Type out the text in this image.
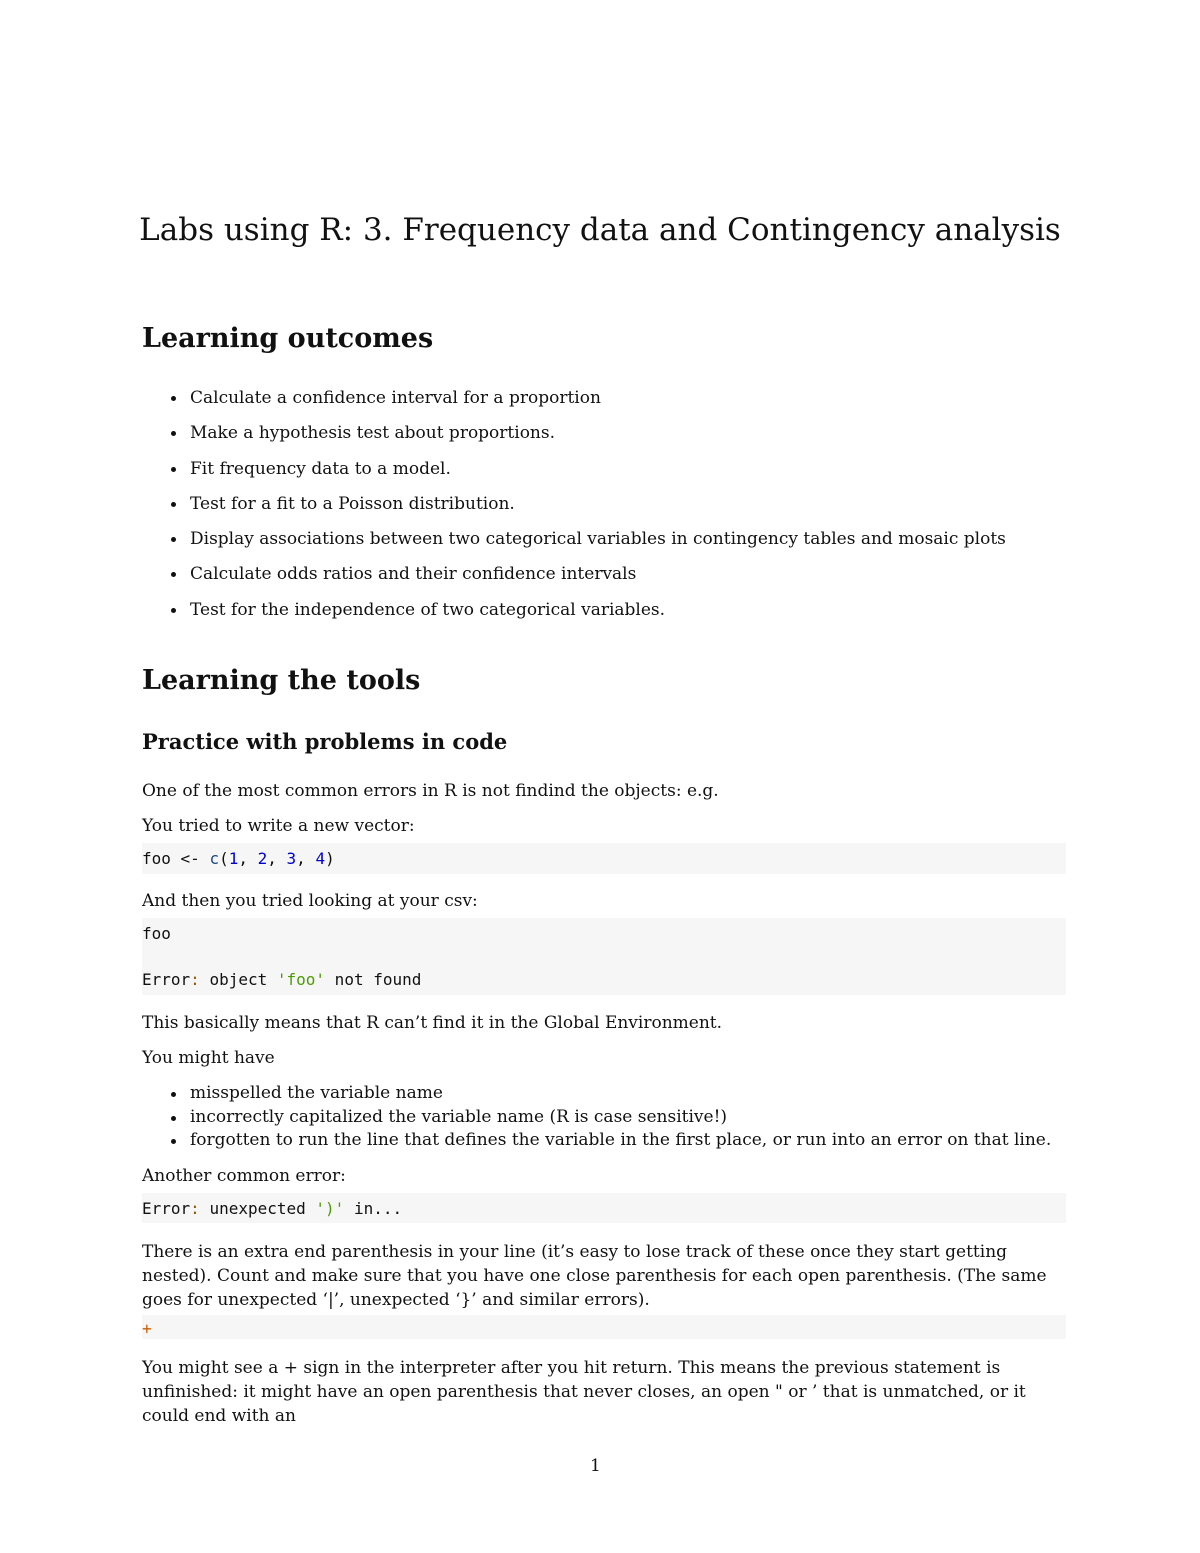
Labs using R: 3. Frequency data and Contingency analysis
Learning outcomes
Calculate a confidence interval for a proportion
Make a hypothesis test about proportions.
Fit frequency data to a model.
Test for a fit to a Poisson distribution.
Display associations between two categorical variables in contingency tables and mosaic plots
Calculate odds ratios and their confidence intervals
Test for the independence of two categorical variables.
Learning the tools
Practice with problems in code
One of the most common errors in R is not findind the objects: e.g.
You tried to write a new vector:
foo <- c(1, 2, 3, 4)
And then you tried looking at your csv:
foo

Error: object 'foo' not found
This basically means that R can’t find it in the Global Environment.
You might have
misspelled the variable name
incorrectly capitalized the variable name (R is case sensitive!)
forgotten to run the line that defines the variable in the first place, or run into an error on that line.
Another common error:
Error: unexpected ')' in...
There is an extra end parenthesis in your line (it’s easy to lose track of these once they start getting nested). Count and make sure that you have one close parenthesis for each open parenthesis. (The same goes for unexpected ‘|’, unexpected ‘}’ and similar errors).
+
You might see a + sign in the interpreter after you hit return. This means the previous statement is unfinished: it might have an open parenthesis that never closes, an open " or ’ that is unmatched, or it could end with an
1
